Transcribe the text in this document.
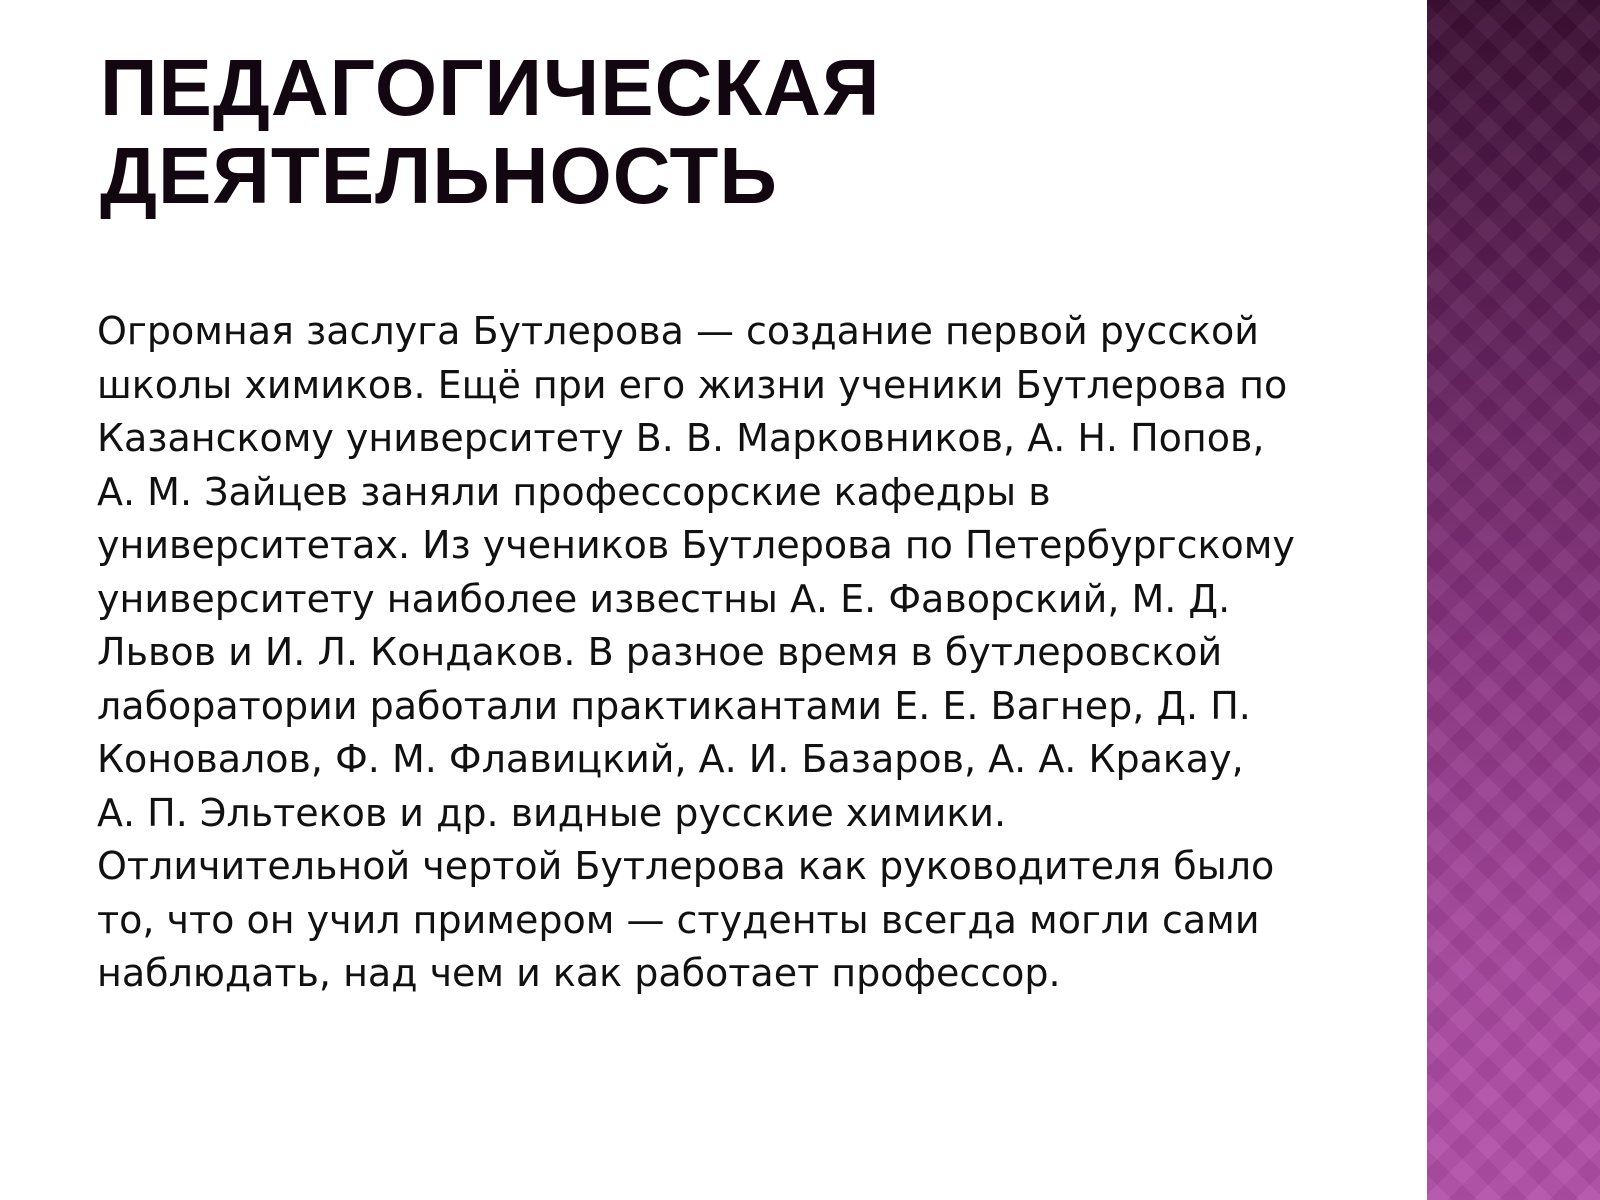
ПЕДАГОГИЧЕСКАЯ
ДЕЯТЕЛЬНОСТЬ
Огромная заслуга Бутлерова — создание первой русской
школы химиков. Ещё при его жизни ученики Бутлерова по
Казанскому университету В. В. Марковников, А. Н. Попов,
А. М. Зайцев заняли профессорские кафедры в
университетах. Из учеников Бутлерова по Петербургскому
университету наиболее известны А. Е. Фаворский, М. Д.
Львов и И. Л. Кондаков. В разное время в бутлеровской
лаборатории работали практикантами Е. Е. Вагнер, Д. П.
Коновалов, Ф. М. Флавицкий, А. И. Базаров, А. А. Кракау,
А. П. Эльтеков и др. видные русские химики.
Отличительной чертой Бутлерова как руководителя было
то, что он учил примером — студенты всегда могли сами
наблюдать, над чем и как работает профессор.
